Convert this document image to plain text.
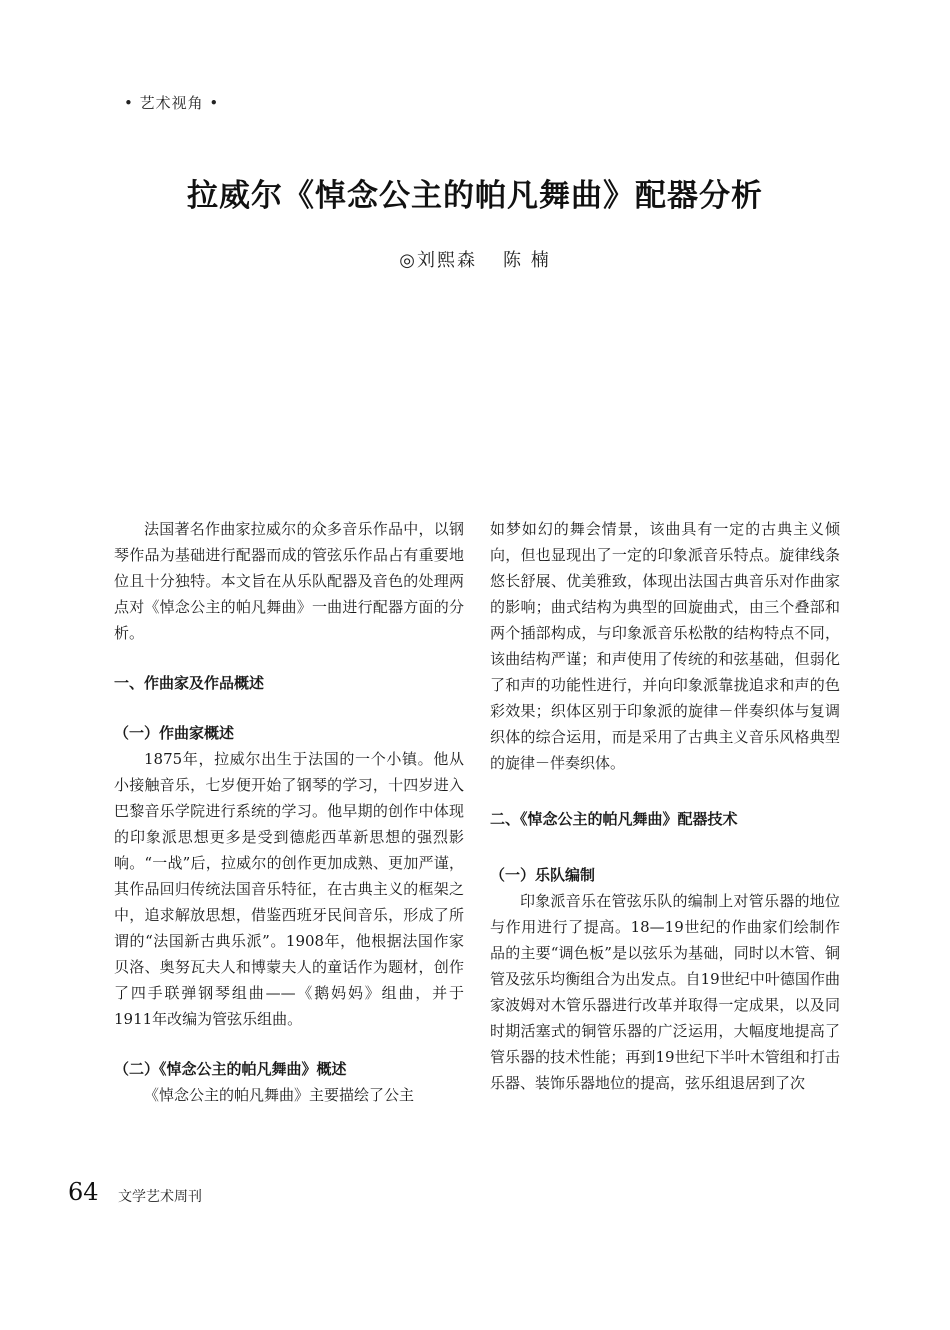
• 艺术视角 •
拉威尔《悼念公主的帕凡舞曲》配器分析
◎刘熙森 陈 楠

法国著名作曲家拉威尔的众多音乐作品中，以钢琴作品为基础进行配器而成的管弦乐作品占有重要地位且十分独特。本文旨在从乐队配器及音色的处理两点对《悼念公主的帕凡舞曲》一曲进行配器方面的分析。

一、作曲家及作品概述

（一）作曲家概述

1875年，拉威尔出生于法国的一个小镇。他从小接触音乐，七岁便开始了钢琴的学习，十四岁进入巴黎音乐学院进行系统的学习。他早期的创作中体现的印象派思想更多是受到德彪西革新思想的强烈影响。“一战”后，拉威尔的创作更加成熟、更加严谨，其作品回归传统法国音乐特征，在古典主义的框架之中，追求解放思想，借鉴西班牙民间音乐，形成了所谓的“法国新古典乐派”。1908年，他根据法国作家贝洛、奥努瓦夫人和博蒙夫人的童话作为题材，创作了四手联弹钢琴组曲——《鹅妈妈》组曲，并于1911年改编为管弦乐组曲。

（二）《悼念公主的帕凡舞曲》概述

《悼念公主的帕凡舞曲》主要描绘了公主

如梦如幻的舞会情景，该曲具有一定的古典主义倾向，但也显现出了一定的印象派音乐特点。旋律线条悠长舒展、优美雅致，体现出法国古典音乐对作曲家的影响；曲式结构为典型的回旋曲式，由三个叠部和两个插部构成，与印象派音乐松散的结构特点不同，该曲结构严谨；和声使用了传统的和弦基础，但弱化了和声的功能性进行，并向印象派靠拢追求和声的色彩效果；织体区别于印象派的旋律－伴奏织体与复调织体的综合运用，而是采用了古典主义音乐风格典型的旋律－伴奏织体。

二、《悼念公主的帕凡舞曲》配器技术

（一）乐队编制

印象派音乐在管弦乐队的编制上对管乐器的地位与作用进行了提高。18—19世纪的作曲家们绘制作品的主要“调色板”是以弦乐为基础，同时以木管、铜管及弦乐均衡组合为出发点。自19世纪中叶德国作曲家波姆对木管乐器进行改革并取得一定成果，以及同时期活塞式的铜管乐器的广泛运用，大幅度地提高了管乐器的技术性能；再到19世纪下半叶木管组和打击乐器、装饰乐器地位的提高，弦乐组退居到了次

64 文学艺术周刊
